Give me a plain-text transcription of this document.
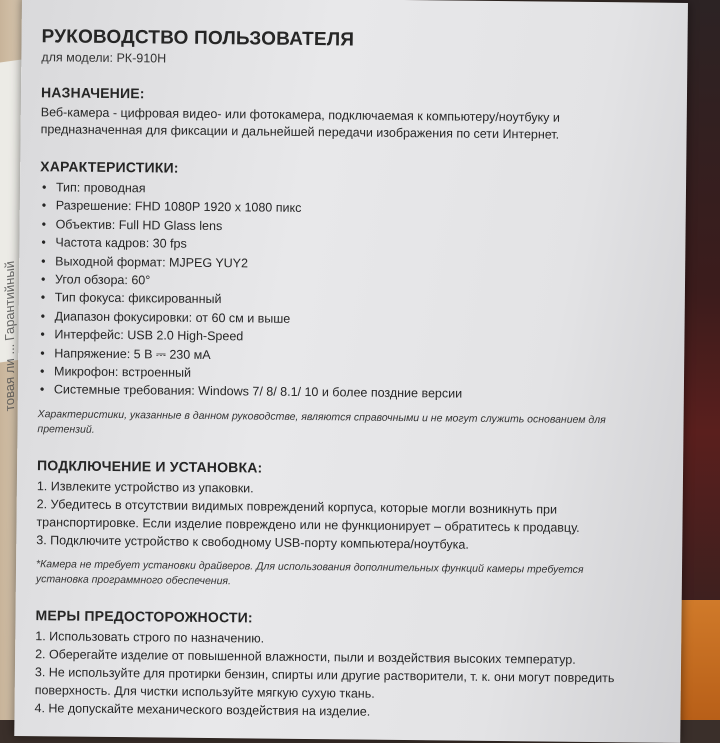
товая ли ... Гарантийный
РУКОВОДСТВО ПОЛЬЗОВАТЕЛЯ
для модели: РК-910Н
НАЗНАЧЕНИЕ:

Веб-камера - цифровая видео- или фотокамера, подключаемая к компьютеру/ноутбуку и предназначенная для фиксации и дальнейшей передачи изображения по сети Интернет.

ХАРАКТЕРИСТИКИ:
• Тип: проводная
• Разрешение: FHD 1080P 1920 x 1080 пикс
• Объектив: Full HD Glass lens
• Частота кадров: 30 fps
• Выходной формат: MJPEG YUY2
• Угол обзора: 60°
• Тип фокуса: фиксированный
• Диапазон фокусировки: от 60 см и выше
• Интерфейс: USB 2.0 High-Speed
• Напряжение: 5 В ⎓ 230 мА
• Микрофон: встроенный
• Системные требования: Windows 7/ 8/ 8.1/ 10 и более поздние версии

Характеристики, указанные в данном руководстве, являются справочными и не могут служить основанием для претензий.

ПОДКЛЮЧЕНИЕ И УСТАНОВКА:
1. Извлеките устройство из упаковки.
2. Убедитесь в отсутствии видимых повреждений корпуса, которые могли возникнуть при транспортировке. Если изделие повреждено или не функционирует – обратитесь к продавцу.
3. Подключите устройство к свободному USB-порту компьютера/ноутбука.

*Камера не требует установки драйверов. Для использования дополнительных функций камеры требуется установка программного обеспечения.

МЕРЫ ПРЕДОСТОРОЖНОСТИ:
1. Использовать строго по назначению.
2. Оберегайте изделие от повышенной влажности, пыли и воздействия высоких температур.
3. Не используйте для протирки бензин, спирты или другие растворители, т. к. они могут повредить поверхность. Для чистки используйте мягкую сухую ткань.
4. Не допускайте механического воздействия на изделие.
